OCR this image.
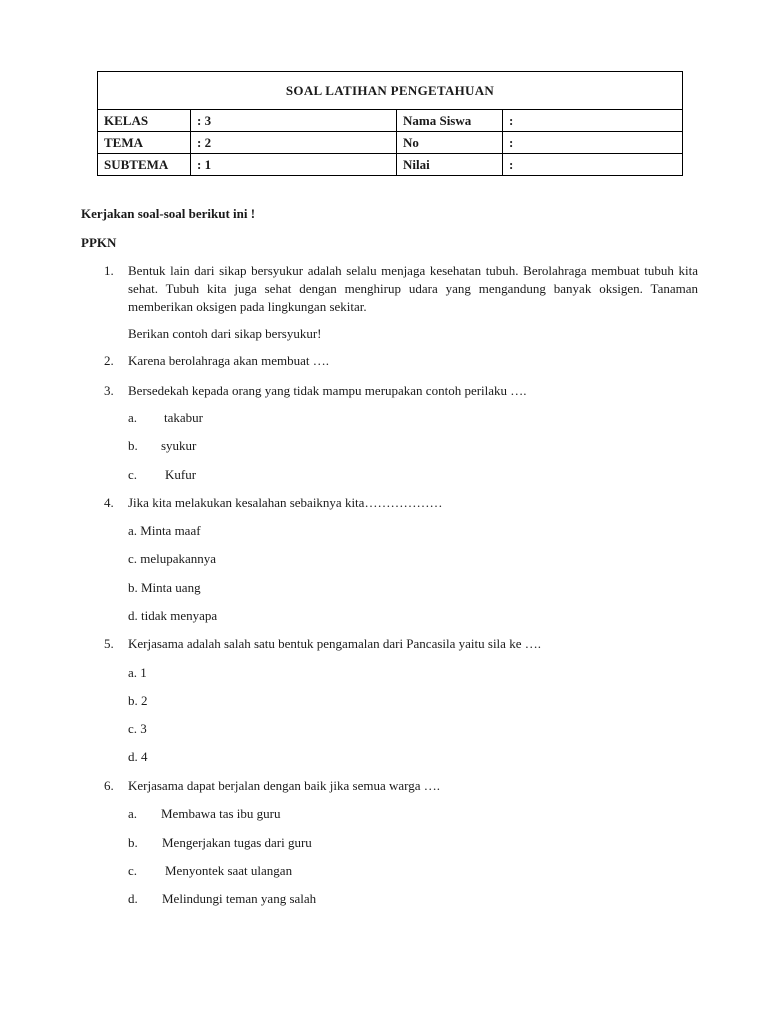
SOAL LATIHAN PENGETAHUAN			
KELAS	: 3	Nama Siswa	:
TEMA	: 2	No	:
SUBTEMA	: 1	Nilai	:
Kerjakan soal-soal berikut ini !
PPKN
1.	Bentuk lain dari sikap bersyukur adalah selalu menjaga kesehatan tubuh. Berolahraga membuat tubuh kita sehat. Tubuh kita juga sehat dengan menghirup udara yang mengandung banyak oksigen. Tanaman memberikan oksigen pada lingkungan sekitar.
Berikan contoh dari sikap bersyukur!
2.	Karena berolahraga akan membuat ….
3.	Bersedekah kepada orang yang tidak mampu merupakan contoh perilaku ….
a. takabur
b. syukur
c. Kufur
4.	Jika kita melakukan kesalahan sebaiknya kita………………
a. Minta maaf
c. melupakannya
b. Minta uang
d. tidak menyapa
5.	Kerjasama adalah salah satu bentuk pengamalan dari Pancasila yaitu sila ke ….
a. 1
b. 2
c. 3
d. 4
6.	Kerjasama dapat berjalan dengan baik jika semua warga ….
a. Membawa tas ibu guru
b. Mengerjakan tugas dari guru
c. Menyontek saat ulangan
d. Melindungi teman yang salah
